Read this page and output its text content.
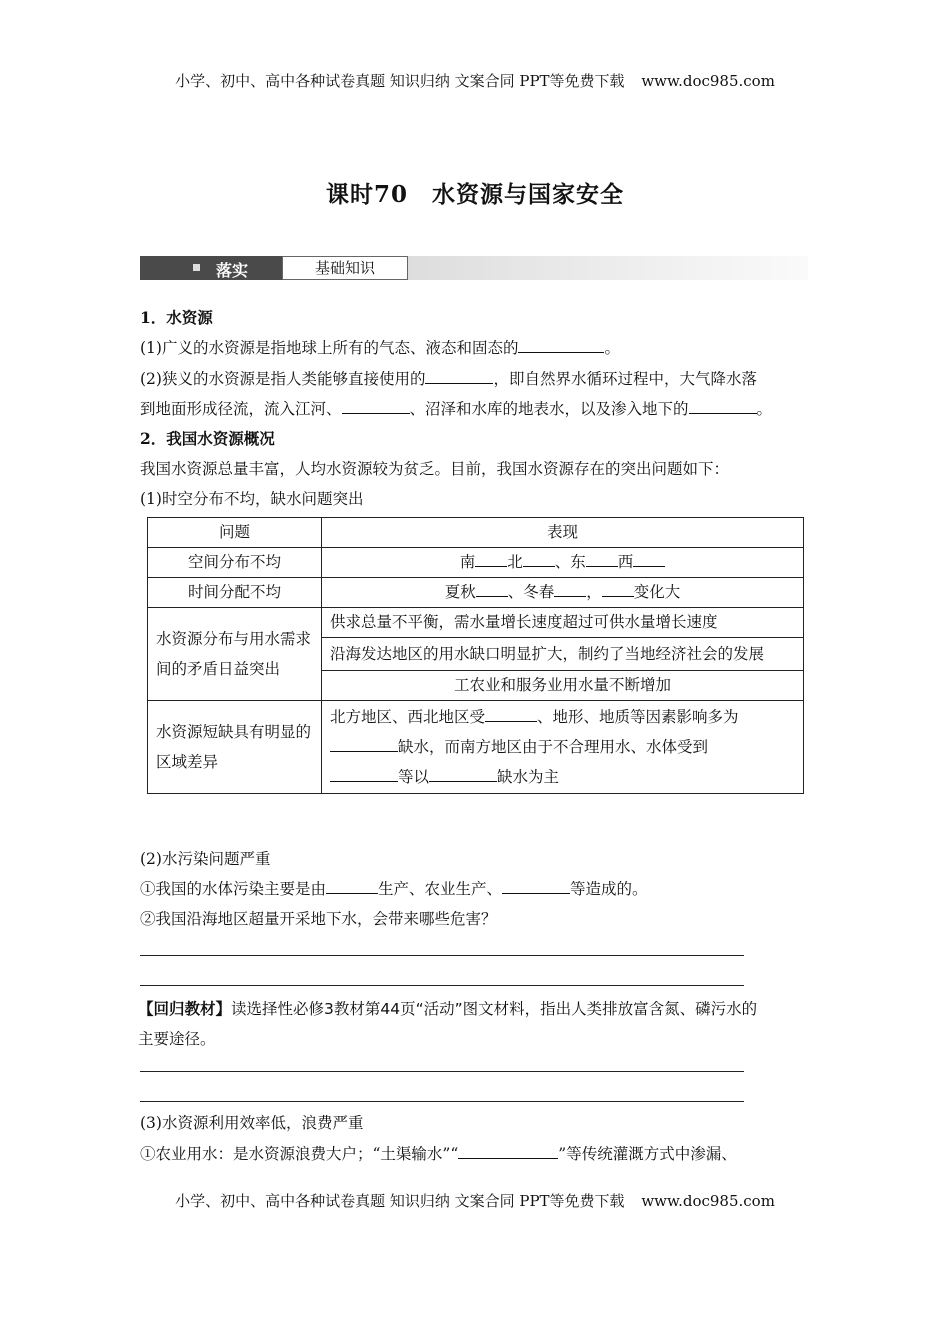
小学、初中、高中各种试卷真题 知识归纳 文案合同 PPT等免费下载 www.doc985.com
课时70　水资源与国家安全
落实	基础知识
1．水资源
(1)广义的水资源是指地球上所有的气态、液态和固态的	。
(2)狭义的水资源是指人类能够直接使用的	，即自然界水循环过程中，大气降水落
到地面形成径流，流入江河、	、沼泽和水库的地表水，以及渗入地下的	。
2．我国水资源概况
我国水资源总量丰富，人均水资源较为贫乏。目前，我国水资源存在的突出问题如下：
(1)时空分布不均，缺水问题突出
问题	表现
空间分布不均	南 北 、东 西
时间分配不均	夏秋 、冬春 ， 变化大
水资源分布与用水需求间的矛盾日益突出	供求总量不平衡，需水量增长速度超过可供水量增长速度
	沿海发达地区的用水缺口明显扩大，制约了当地经济社会的发展
	工农业和服务业用水量不断增加
水资源短缺具有明显的区域差异	北方地区、西北地区受 、地形、地质等因素影响多为
缺水，而南方地区由于不合理用水、水体受到
等以 缺水为主
(2)水污染问题严重
①我国的水体污染主要是由	生产、农业生产、	等造成的。
②我国沿海地区超量开采地下水，会带来哪些危害？
【回归教材】读选择性必修3教材第44页“活动”图文材料，指出人类排放富含氮、磷污水的
主要途径。
(3)水资源利用效率低，浪费严重
①农业用水：是水资源浪费大户；“土渠输水”“	”等传统灌溉方式中渗漏、
小学、初中、高中各种试卷真题 知识归纳 文案合同 PPT等免费下载 www.doc985.com
